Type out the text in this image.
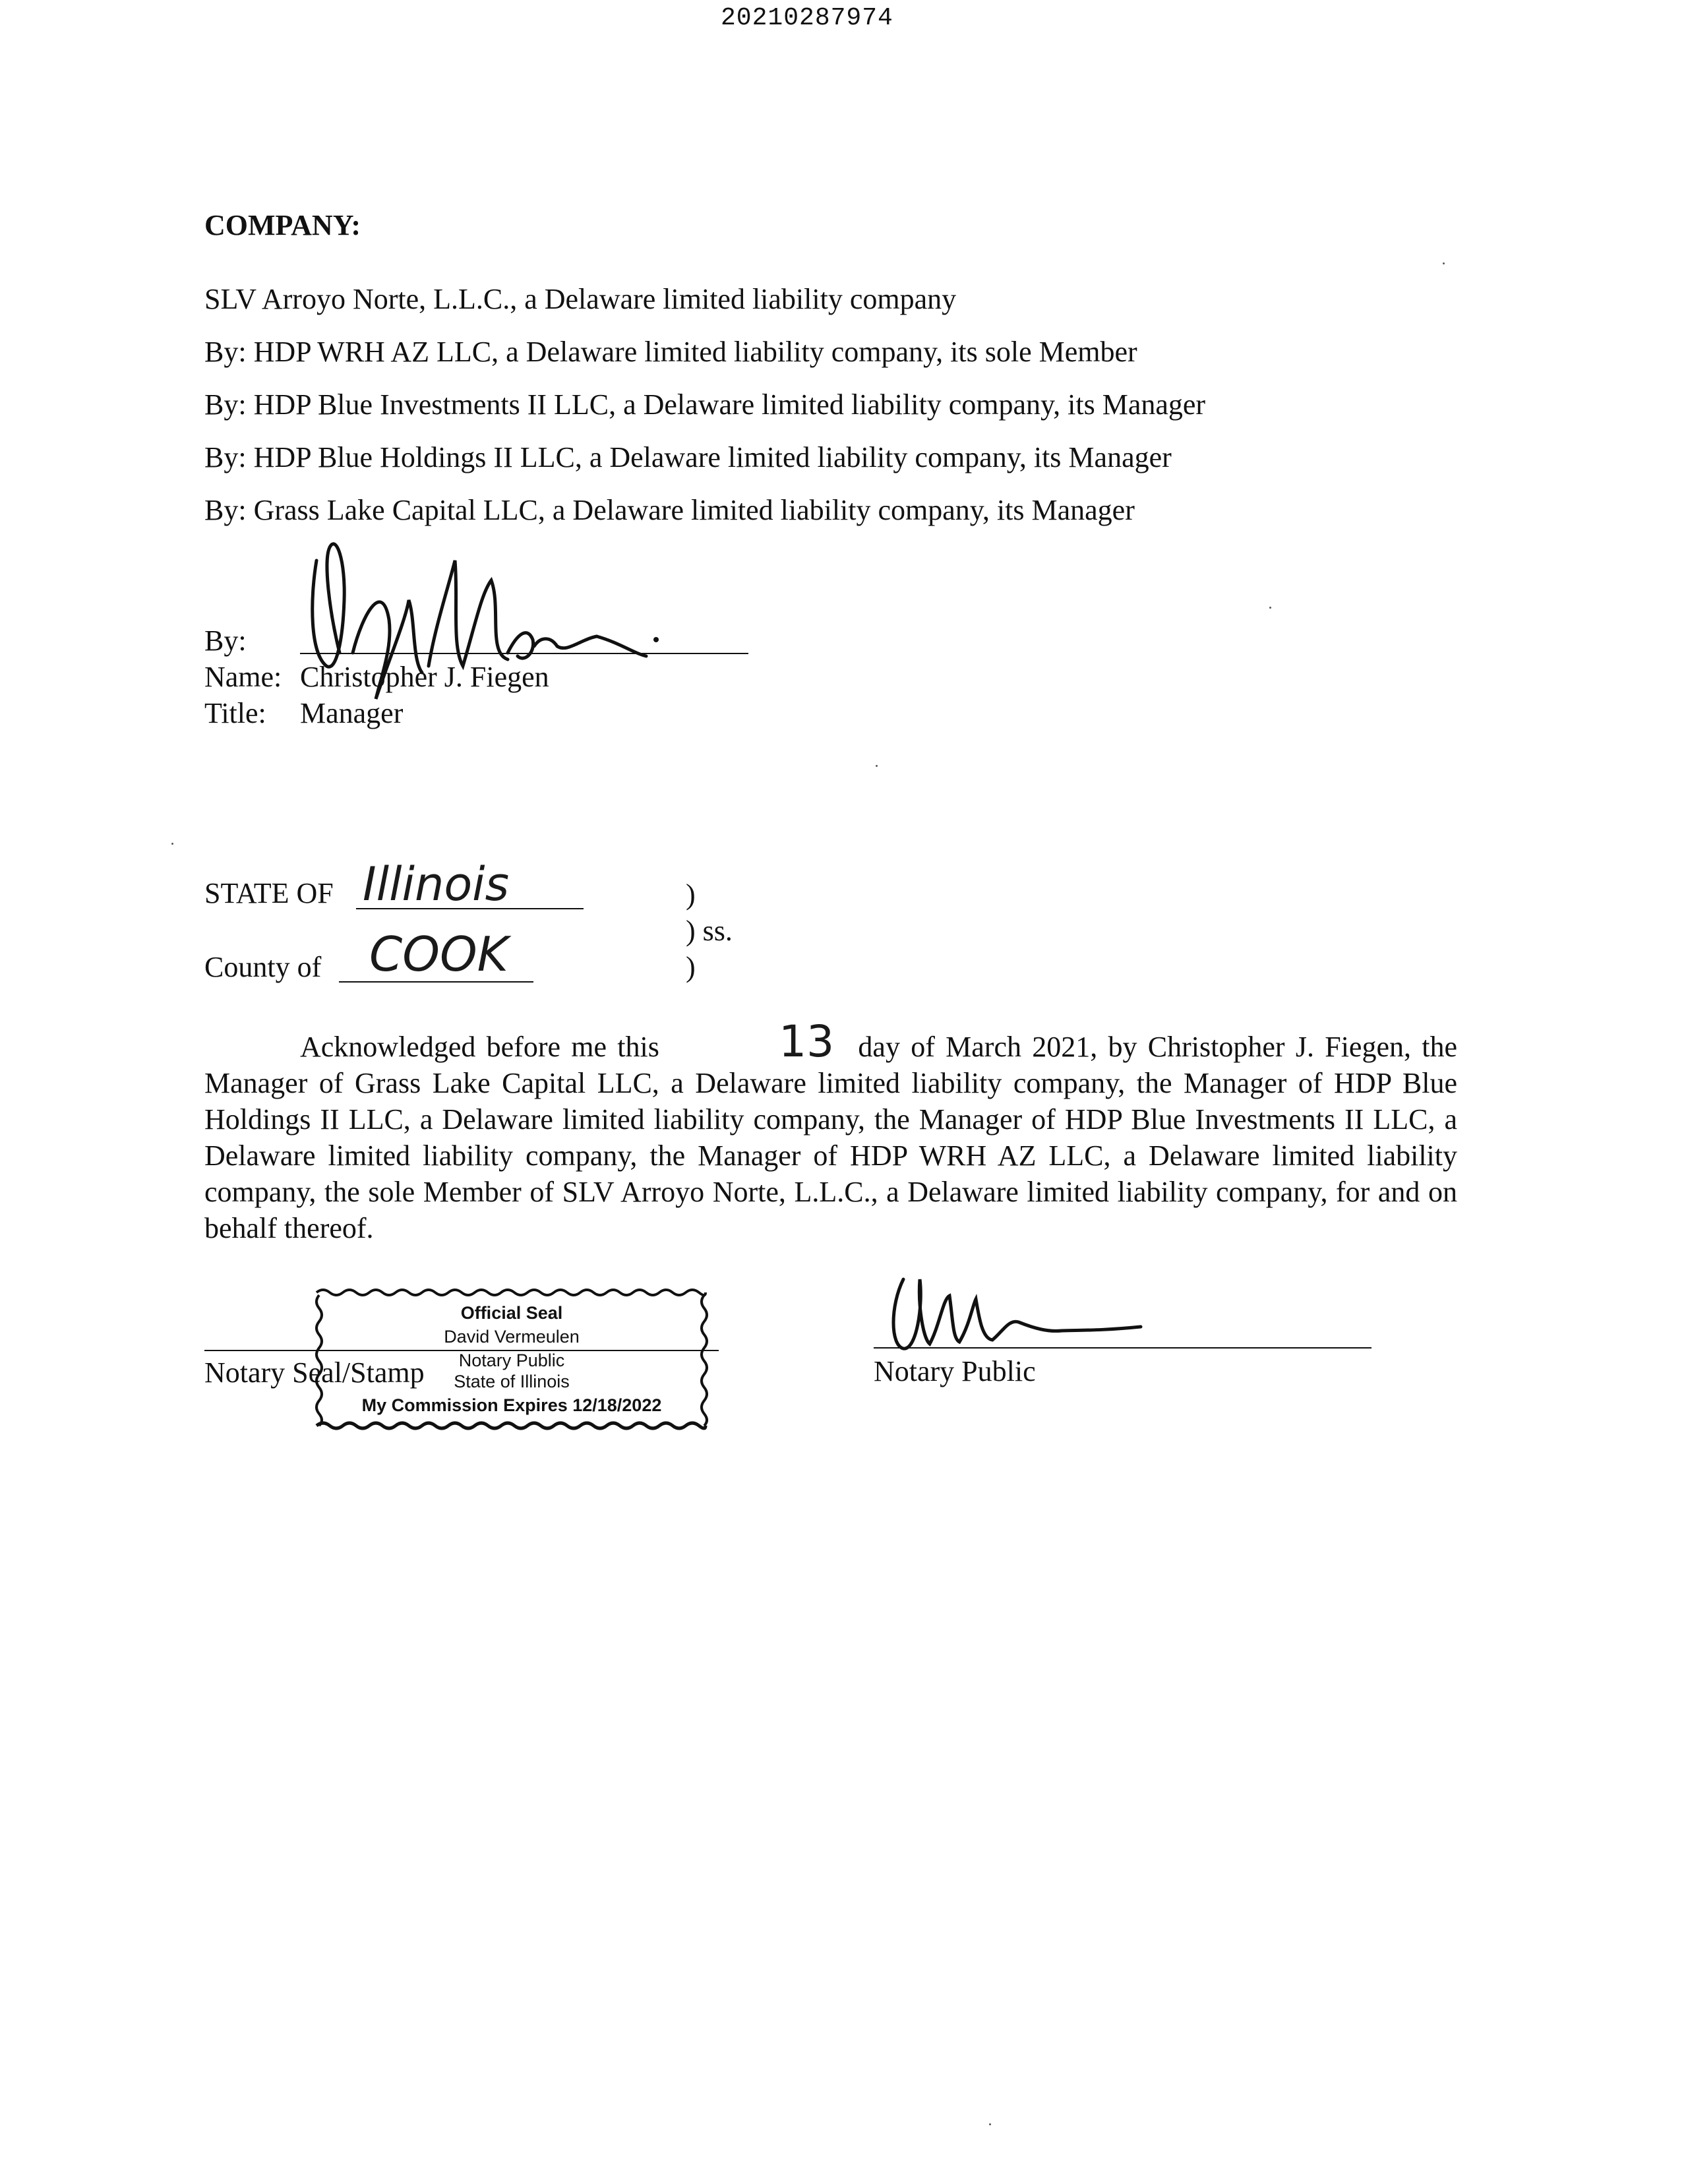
20210287974
COMPANY:
SLV Arroyo Norte, L.L.C., a Delaware limited liability company
By: HDP WRH AZ LLC, a Delaware limited liability company, its sole Member
By: HDP Blue Investments II LLC, a Delaware limited liability company, its Manager
By: HDP Blue Holdings II LLC, a Delaware limited liability company, its Manager
By: Grass Lake Capital LLC, a Delaware limited liability company, its Manager
By:
Name: Christopher J. Fiegen
Title: Manager
STATE OF Illinois
County of COOK
)
) ss.
)
Acknowledged before me this	13 day of March 2021, by Christopher J. Fiegen, the Manager of Grass Lake Capital LLC, a Delaware limited liability company, the Manager of HDP Blue Holdings II LLC, a Delaware limited liability company, the Manager of HDP Blue Investments II LLC, a Delaware limited liability company, the Manager of HDP WRH AZ LLC, a Delaware limited liability company, the sole Member of SLV Arroyo Norte, L.L.C., a Delaware limited liability company, for and on behalf thereof.
Notary Seal/Stamp
Official Seal
David Vermeulen
Notary Public
State of Illinois
My Commission Expires 12/18/2022
Notary Public
